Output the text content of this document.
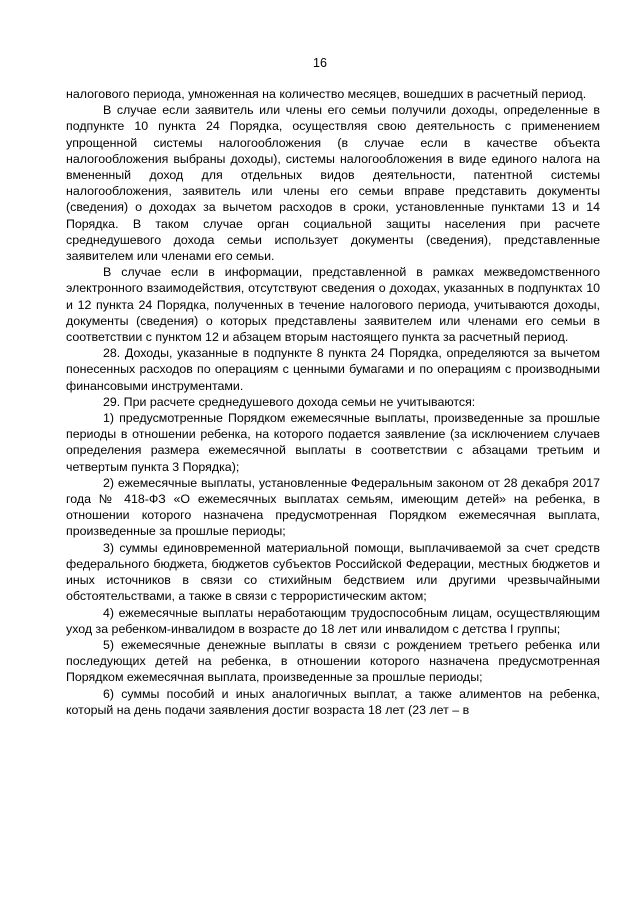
16

налогового периода, умноженная на количество месяцев, вошедших в расчетный период.

В случае если заявитель или члены его семьи получили доходы, определенные в подпункте 10 пункта 24 Порядка, осуществляя свою деятельность с применением упрощенной системы налогообложения (в случае если в качестве объекта налогообложения выбраны доходы), системы налогообложения в виде единого налога на вмененный доход для отдельных видов деятельности, патентной системы налогообложения, заявитель или члены его семьи вправе представить документы (сведения) о доходах за вычетом расходов в сроки, установленные пунктами 13 и 14 Порядка. В таком случае орган социальной защиты населения при расчете среднедушевого дохода семьи использует документы (сведения), представленные заявителем или членами его семьи.

В случае если в информации, представленной в рамках межведомственного электронного взаимодействия, отсутствуют сведения о доходах, указанных в подпунктах 10 и 12 пункта 24 Порядка, полученных в течение налогового периода, учитываются доходы, документы (сведения) о которых представлены заявителем или членами его семьи в соответствии с пунктом 12 и абзацем вторым настоящего пункта за расчетный период.

28. Доходы, указанные в подпункте 8 пункта 24 Порядка, определяются за вычетом понесенных расходов по операциям с ценными бумагами и по операциям с производными финансовыми инструментами.

29. При расчете среднедушевого дохода семьи не учитываются:

1) предусмотренные Порядком ежемесячные выплаты, произведенные за прошлые периоды в отношении ребенка, на которого подается заявление (за исключением случаев определения размера ежемесячной выплаты в соответствии с абзацами третьим и четвертым пункта 3 Порядка);

2) ежемесячные выплаты, установленные Федеральным законом от 28 декабря 2017 года № 418-ФЗ «О ежемесячных выплатах семьям, имеющим детей» на ребенка, в отношении которого назначена предусмотренная Порядком ежемесячная выплата, произведенные за прошлые периоды;

3) суммы единовременной материальной помощи, выплачиваемой за счет средств федерального бюджета, бюджетов субъектов Российской Федерации, местных бюджетов и иных источников в связи со стихийным бедствием или другими чрезвычайными обстоятельствами, а также в связи с террористическим актом;

4) ежемесячные выплаты неработающим трудоспособным лицам, осуществляющим уход за ребенком-инвалидом в возрасте до 18 лет или инвалидом с детства I группы;

5) ежемесячные денежные выплаты в связи с рождением третьего ребенка или последующих детей на ребенка, в отношении которого назначена предусмотренная Порядком ежемесячная выплата, произведенные за прошлые периоды;

6) суммы пособий и иных аналогичных выплат, а также алиментов на ребенка, который на день подачи заявления достиг возраста 18 лет (23 лет – в
